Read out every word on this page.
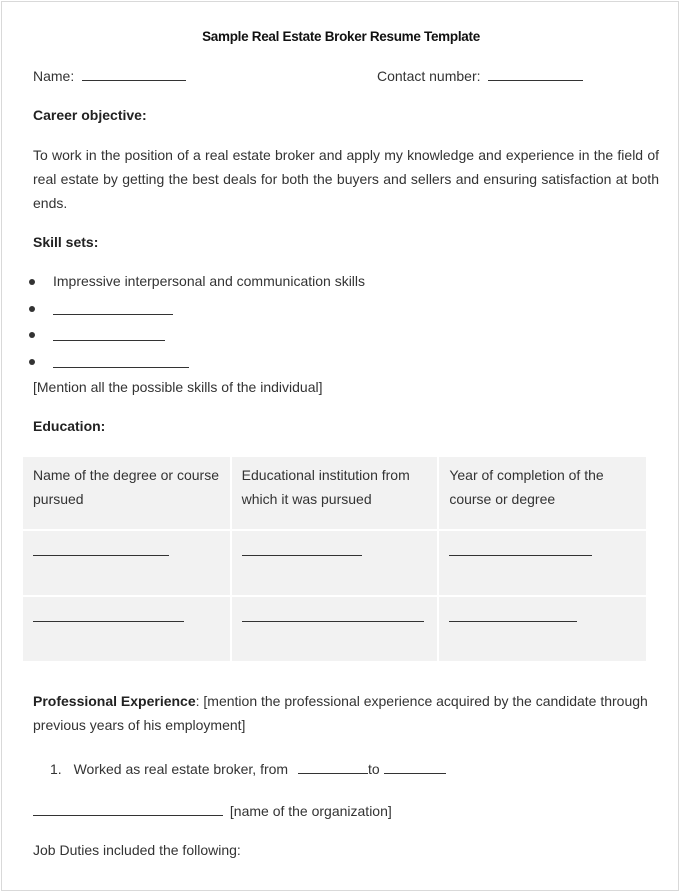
Sample Real Estate Broker Resume Template
Name:	Contact number:
Career objective:
To work in the position of a real estate broker and apply my knowledge and experience in the field of real estate by getting the best deals for both the buyers and sellers and ensuring satisfaction at both ends.
Skill sets:
Impressive interpersonal and communication skills
[Mention all the possible skills of the individual]
Education:
Name of the degree or course pursued	Educational institution from which it was pursued	Year of completion of the course or degree

Professional Experience: [mention the professional experience acquired by the candidate through previous years of his employment]
1. Worked as real estate broker, from	to
[name of the organization]
Job Duties included the following:
